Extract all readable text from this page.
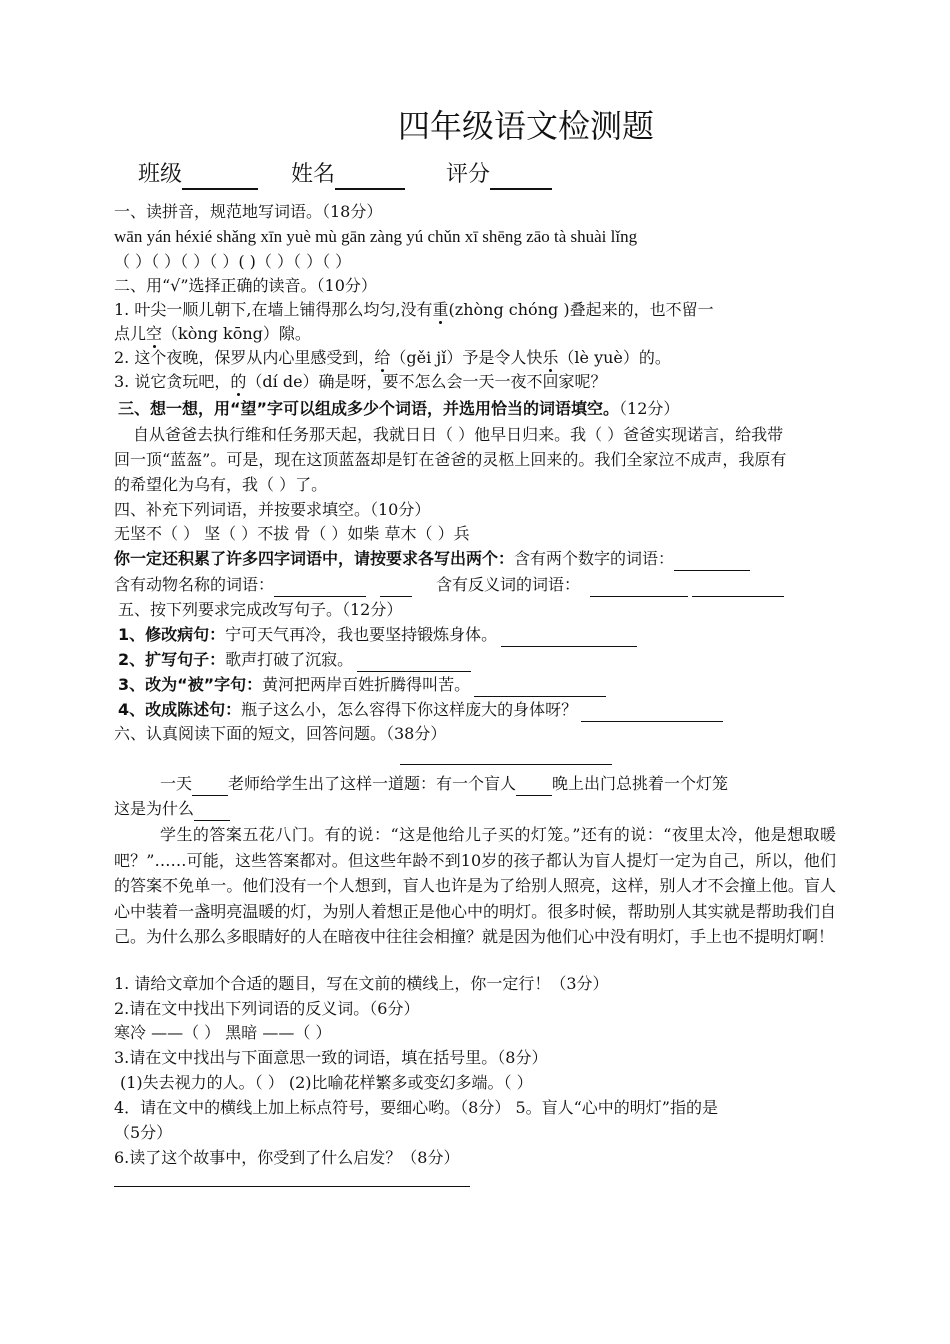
四年级语文检测题
班级	姓名	评分
一、读拼音，规范地写词语。（18分）
wān yán héxié shǎng xīn yuè mù gān zàng yú chǔn xī shēng zāo tà shuài lǐng
（ ）（ ）（ ）（ ）( )（ ）（ ）（ ）
二、用“√”选择正确的读音。（10分）
1. 叶尖一顺儿朝下,在墙上铺得那么均匀,没有重(zhòng chóng )叠起来的，也不留一
点儿空（kòng kōng）隙。
2. 这个夜晚，保罗从内心里感受到，给（gěi jǐ）予是令人快乐（lè yuè）的。
3. 说它贪玩吧，的（dí de）确是呀，要不怎么会一天一夜不回家呢？
三、想一想，用“望”字可以组成多少个词语，并选用恰当的词语填空。（12分）
自从爸爸去执行维和任务那天起，我就日日（ ）他早日归来。我（ ）爸爸实现诺言，给我带
回一顶“蓝盔”。可是，现在这顶蓝盔却是钉在爸爸的灵柩上回来的。我们全家泣不成声，我原有
的希望化为乌有，我（ ）了。
四、补充下列词语，并按要求填空。（10分）
无坚不（ ） 坚（ ）不拔 骨（ ）如柴 草木（ ）兵
你一定还积累了许多四字词语中，请按要求各写出两个：含有两个数字的词语：
含有动物名称的词语：	含有反义词的词语：
五、按下列要求完成改写句子。（12分）
1、修改病句：宁可天气再冷，我也要坚持锻炼身体。
2、扩写句子：歌声打破了沉寂。
3、改为“被”字句：黄河把两岸百姓折腾得叫苦。
4、改成陈述句：瓶子这么小，怎么容得下你这样庞大的身体呀？
六、认真阅读下面的短文，回答问题。（38分）
一天 老师给学生出了这样一道题：有一个盲人 晚上出门总挑着一个灯笼
这是为什么
学生的答案五花八门。有的说：“这是他给儿子买的灯笼。”还有的说：“夜里太冷，他是想取暖吧？”……可能，这些答案都对。但这些年龄不到10岁的孩子都认为盲人提灯一定为自己，所以，他们的答案不免单一。他们没有一个人想到，盲人也许是为了给别人照亮，这样，别人才不会撞上他。盲人心中装着一盏明亮温暖的灯，为别人着想正是他心中的明灯。很多时候，帮助别人其实就是帮助我们自己。为什么那么多眼睛好的人在暗夜中往往会相撞？就是因为他们心中没有明灯，手上也不提明灯啊！
1. 请给文章加个合适的题目，写在文前的横线上，你一定行！（3分）
2.请在文中找出下列词语的反义词。（6分）
寒冷 ——（ ） 黑暗 ——（ ）
3.请在文中找出与下面意思一致的词语，填在括号里。（8分）
(1)失去视力的人。（ ） (2)比喻花样繁多或变幻多端。（ ）
4．请在文中的横线上加上标点符号，要细心哟。（8分） 5。盲人“心中的明灯”指的是
（5分）
6.读了这个故事中，你受到了什么启发？（8分）
